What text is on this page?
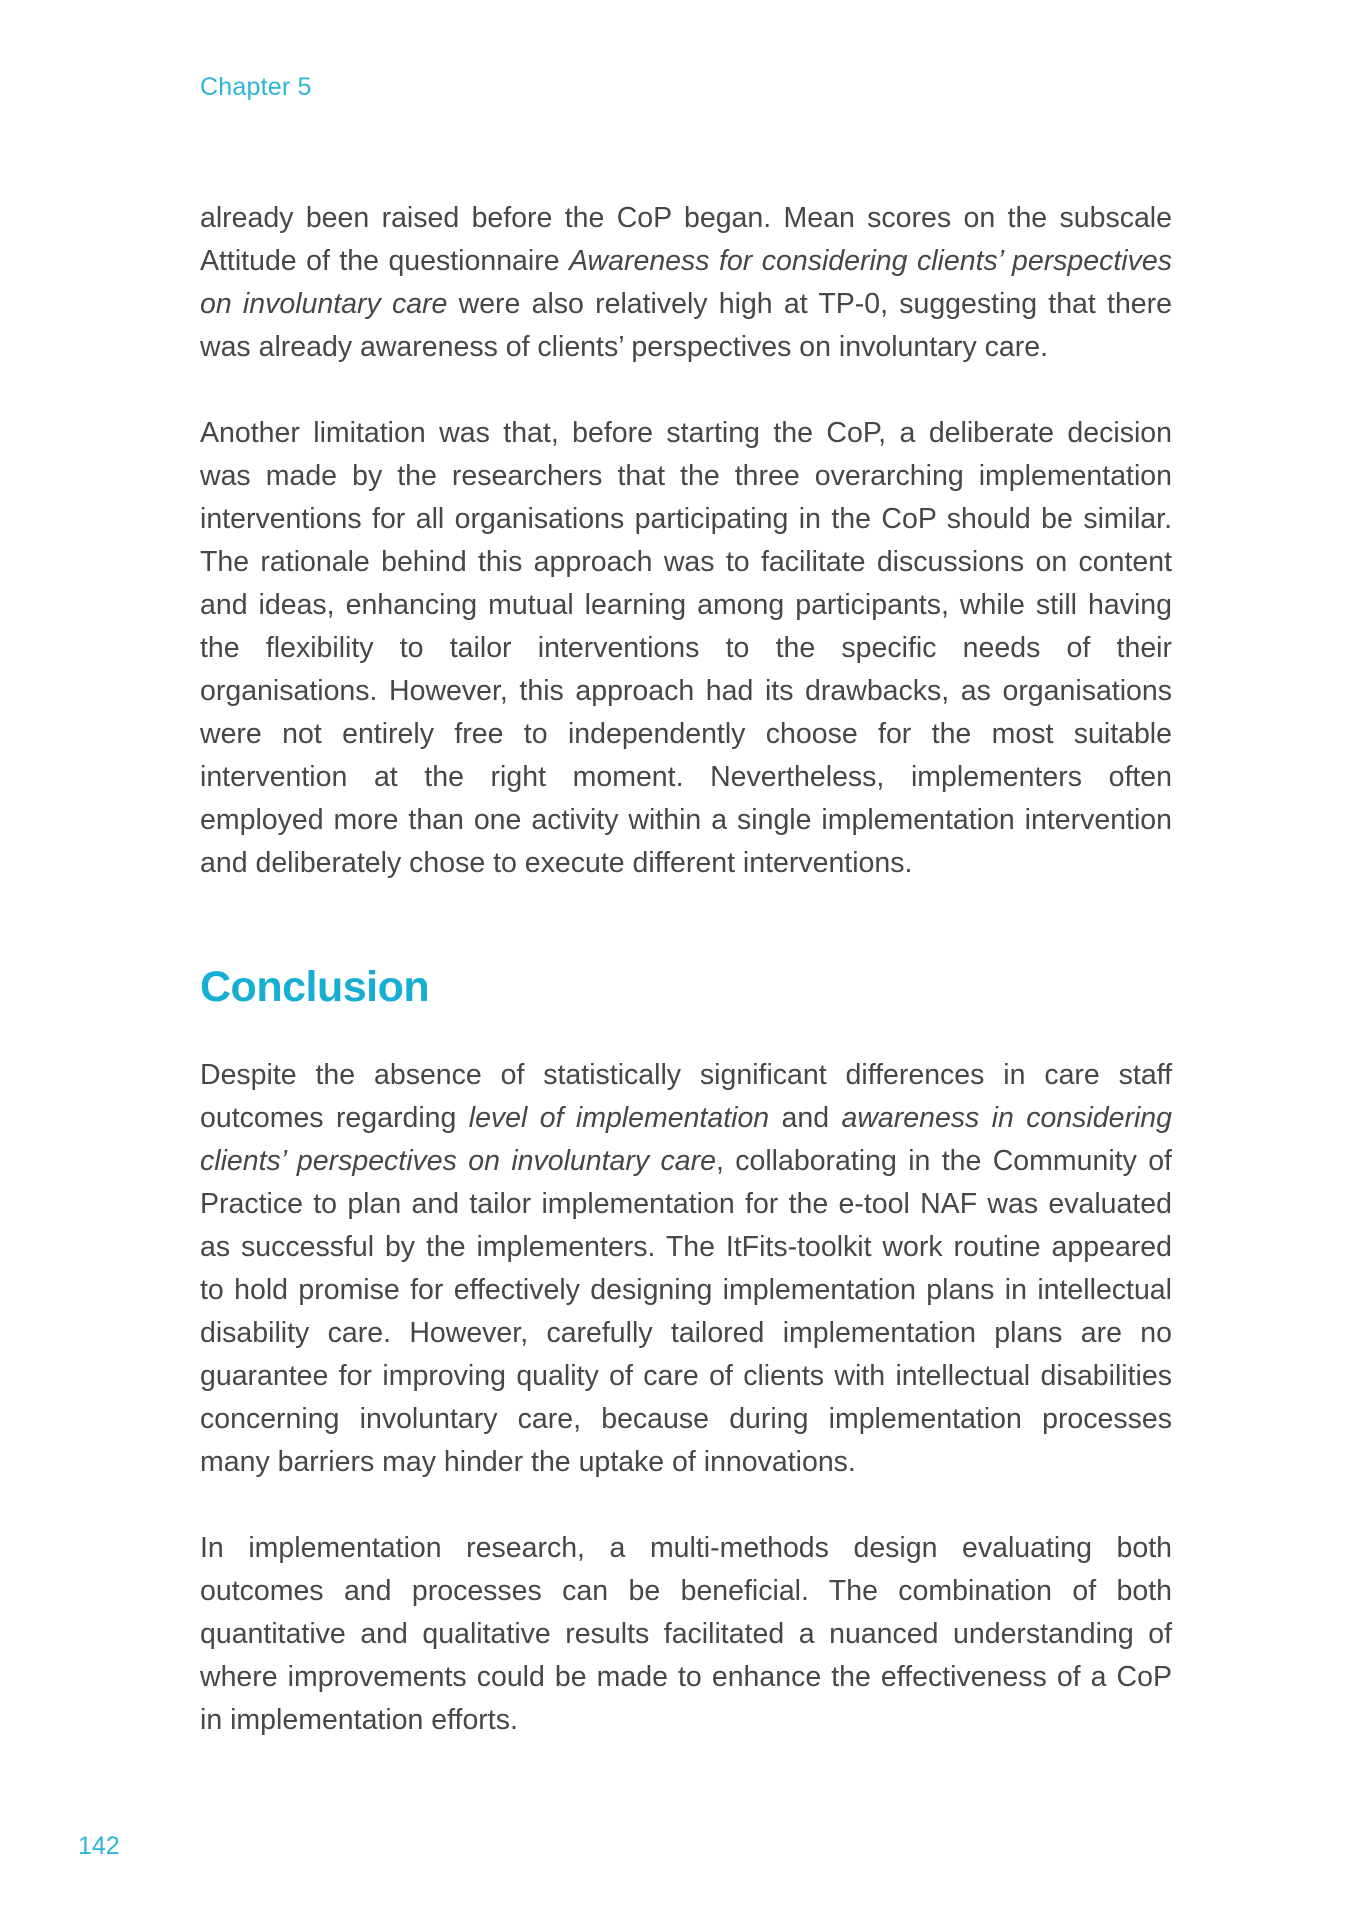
Chapter 5

already been raised before the CoP began. Mean scores on the subscale Attitude of the questionnaire Awareness for considering clients’ perspectives on involuntary care were also relatively high at TP-0, suggesting that there was already awareness of clients’ perspectives on involuntary care.

Another limitation was that, before starting the CoP, a deliberate decision was made by the researchers that the three overarching implementation interventions for all organisations participating in the CoP should be similar. The rationale behind this approach was to facilitate discussions on content and ideas, enhancing mutual learning among participants, while still having the flexibility to tailor interventions to the specific needs of their organisations. However, this approach had its drawbacks, as organisations were not entirely free to independently choose for the most suitable intervention at the right moment. Nevertheless, implementers often employed more than one activity within a single implementation intervention and deliberately chose to execute different interventions.

Conclusion

Despite the absence of statistically significant differences in care staff outcomes regarding level of implementation and awareness in considering clients’ perspectives on involuntary care, collaborating in the Community of Practice to plan and tailor implementation for the e-tool NAF was evaluated as successful by the implementers. The ItFits-toolkit work routine appeared to hold promise for effectively designing implementation plans in intellectual disability care. However, carefully tailored implementation plans are no guarantee for improving quality of care of clients with intellectual disabilities concerning involuntary care, because during implementation processes many barriers may hinder the uptake of innovations.

In implementation research, a multi-methods design evaluating both outcomes and processes can be beneficial. The combination of both quantitative and qualitative results facilitated a nuanced understanding of where improvements could be made to enhance the effectiveness of a CoP in implementation efforts.

142
